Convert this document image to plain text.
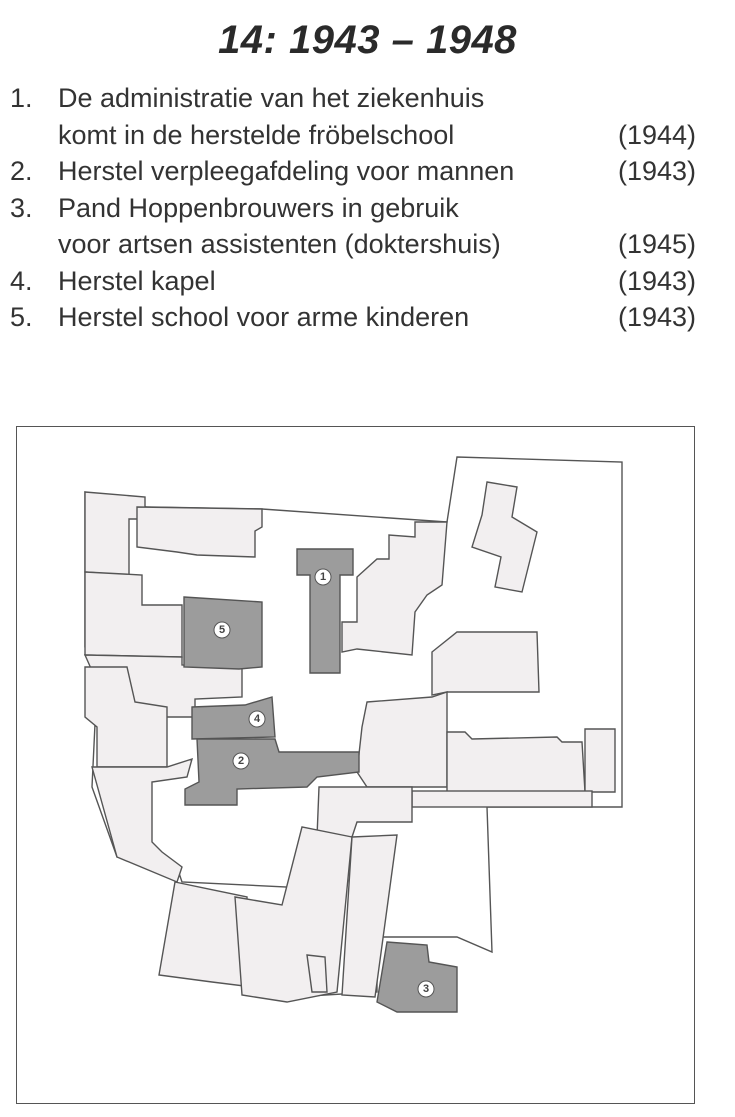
14: 1943 – 1948
1. De administratie van het ziekenhuis
komt in de herstelde fröbelschool	(1944)
2. Herstel verpleegafdeling voor mannen	(1943)
3. Pand Hoppenbrouwers in gebruik
voor artsen assistenten (doktershuis)	(1945)
4. Herstel kapel	(1943)
5. Herstel school voor arme kinderen	(1943)
1
5
4
2
3
